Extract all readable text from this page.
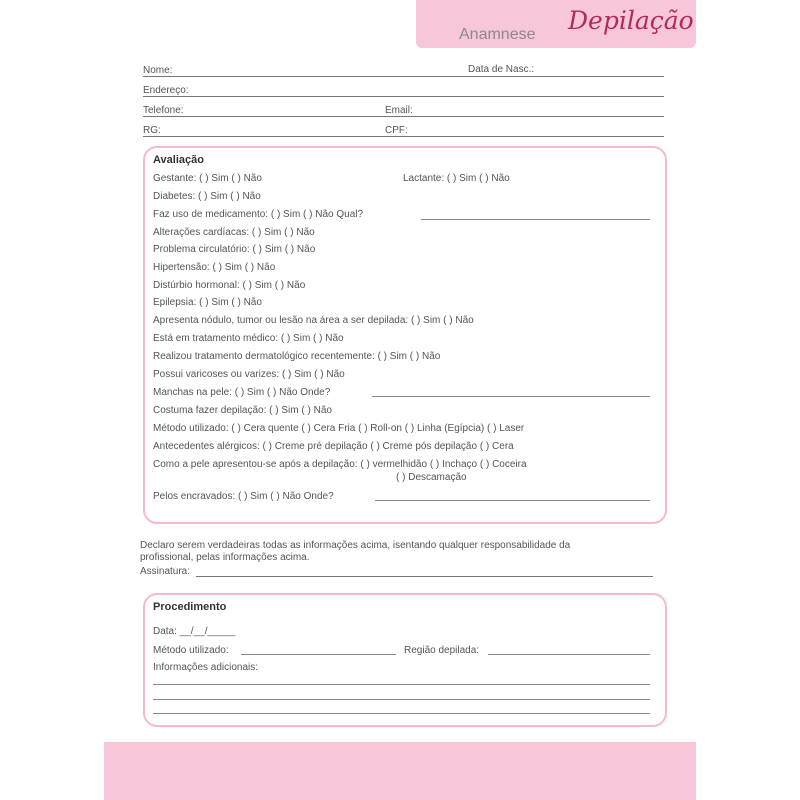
Anamnese Depilação
Nome:	Data de Nasc.:
Endereço:
Telefone:	Email:
RG:	CPF:
Avaliação
Gestante: ( ) Sim ( ) Não	Lactante: ( ) Sim ( ) Não
Diabetes: ( ) Sim ( ) Não
Faz uso de medicamento: ( ) Sim ( ) Não Qual?
Alterações cardíacas: ( ) Sim ( ) Não
Problema circulatório: ( ) Sim ( ) Não
Hipertensão: ( ) Sim ( ) Não
Distúrbio hormonal: ( ) Sim ( ) Não
Epilepsia: ( ) Sim ( ) Não
Apresenta nódulo, tumor ou lesão na área a ser depilada: ( ) Sim ( ) Não
Está em tratamento médico: ( ) Sim ( ) Não
Realizou tratamento dermatológico recentemente: ( ) Sim ( ) Não
Possui varicoses ou varizes: ( ) Sim ( ) Não
Manchas na pele: ( ) Sim ( ) Não Onde?
Costuma fazer depilação: ( ) Sim ( ) Não
Método utilizado: ( ) Cera quente ( ) Cera Fria ( ) Roll-on ( ) Linha (Egípcia) ( ) Laser
Antecedentes alérgicos: ( ) Creme pré depilação ( ) Creme pós depilação ( ) Cera
Como a pele apresentou-se após a depilação: ( ) vermelhidão ( ) Inchaço ( ) Coceira
( ) Descamação
Pelos encravados: ( ) Sim ( ) Não Onde?
Declaro serem verdadeiras todas as informações acima, isentando qualquer responsabilidade da
profissional, pelas informações acima.
Assinatura:
Procedimento
Data: __/__/_____
Método utilizado:	Região depilada:
Informações adicionais:
